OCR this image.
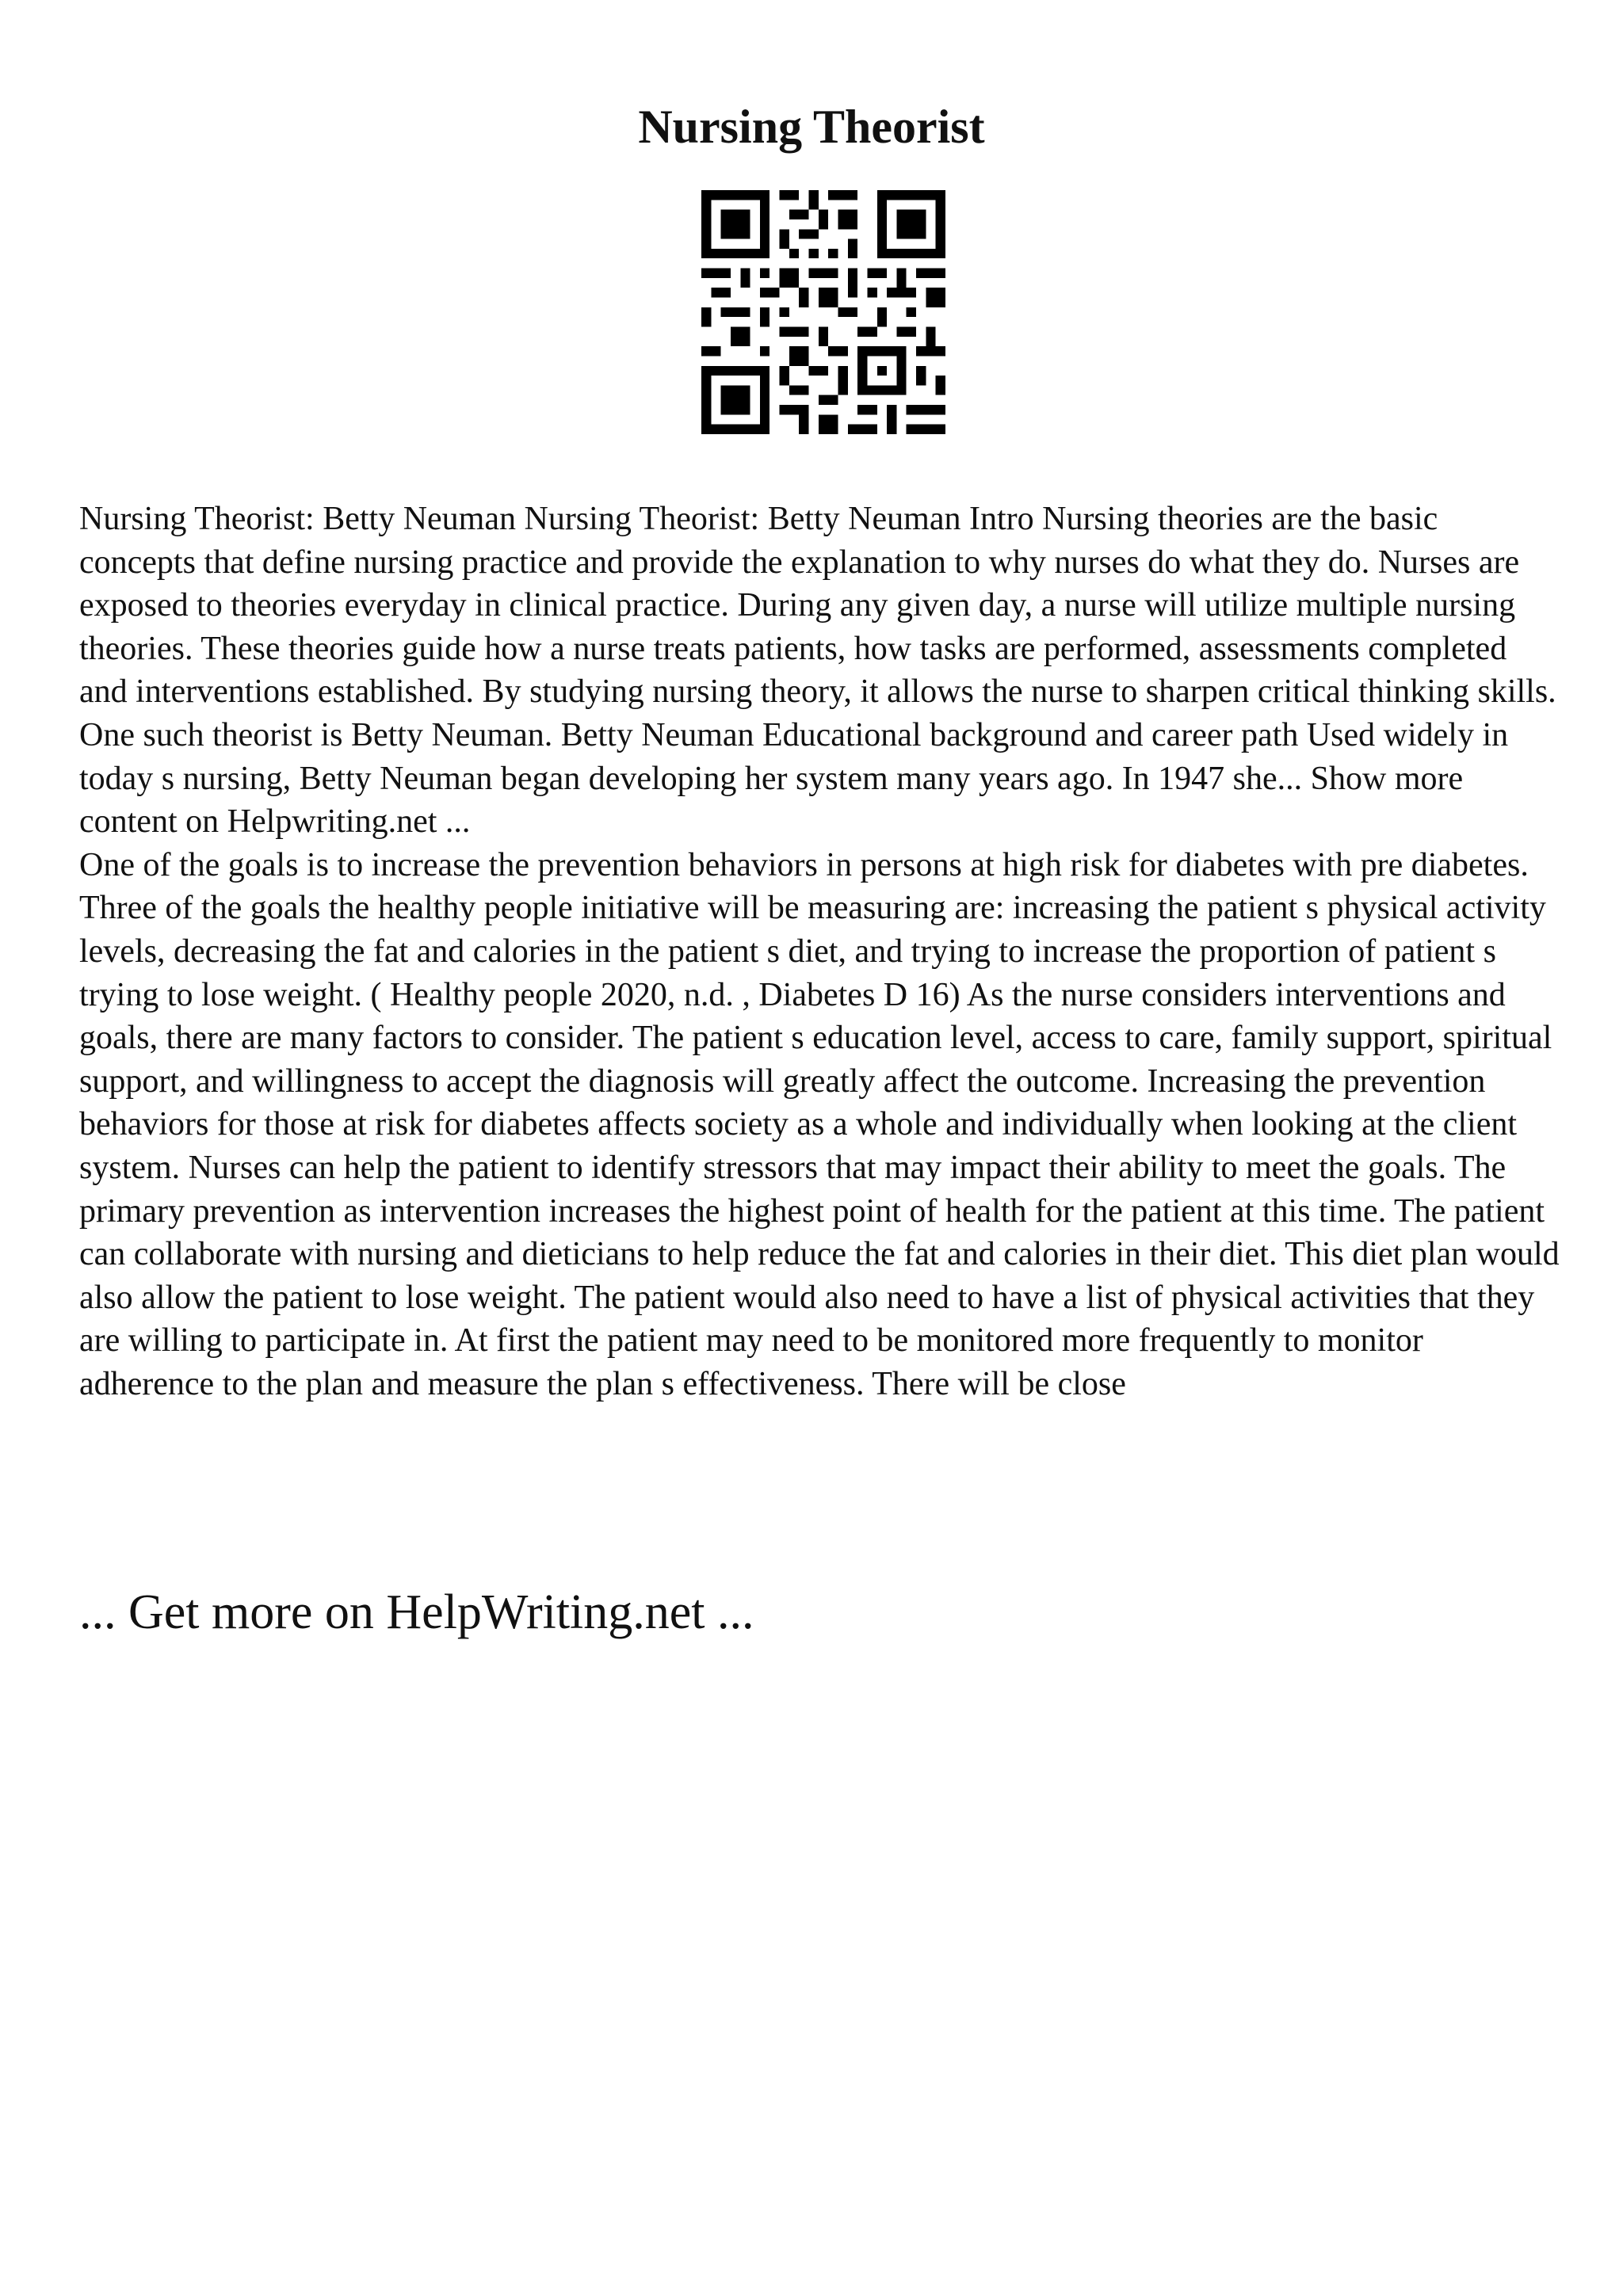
Nursing Theorist

Nursing Theorist: Betty Neuman Nursing Theorist: Betty Neuman Intro Nursing theories are the basic concepts that define nursing practice and provide the explanation to why nurses do what they do. Nurses are exposed to theories everyday in clinical practice. During any given day, a nurse will utilize multiple nursing theories. These theories guide how a nurse treats patients, how tasks are performed, assessments completed and interventions established. By studying nursing theory, it allows the nurse to sharpen critical thinking skills. One such theorist is Betty Neuman. Betty Neuman Educational background and career path Used widely in today s nursing, Betty Neuman began developing her system many years ago. In 1947 she... Show more content on Helpwriting.net ...

One of the goals is to increase the prevention behaviors in persons at high risk for diabetes with pre diabetes. Three of the goals the healthy people initiative will be measuring are: increasing the patient s physical activity levels, decreasing the fat and calories in the patient s diet, and trying to increase the proportion of patient s trying to lose weight. ( Healthy people 2020, n.d. , Diabetes D 16) As the nurse considers interventions and goals, there are many factors to consider. The patient s education level, access to care, family support, spiritual support, and willingness to accept the diagnosis will greatly affect the outcome. Increasing the prevention behaviors for those at risk for diabetes affects society as a whole and individually when looking at the client system. Nurses can help the patient to identify stressors that may impact their ability to meet the goals. The primary prevention as intervention increases the highest point of health for the patient at this time. The patient can collaborate with nursing and dieticians to help reduce the fat and calories in their diet. This diet plan would also allow the patient to lose weight. The patient would also need to have a list of physical activities that they are willing to participate in. At first the patient may need to be monitored more frequently to monitor adherence to the plan and measure the plan s effectiveness. There will be close

... Get more on HelpWriting.net ...
